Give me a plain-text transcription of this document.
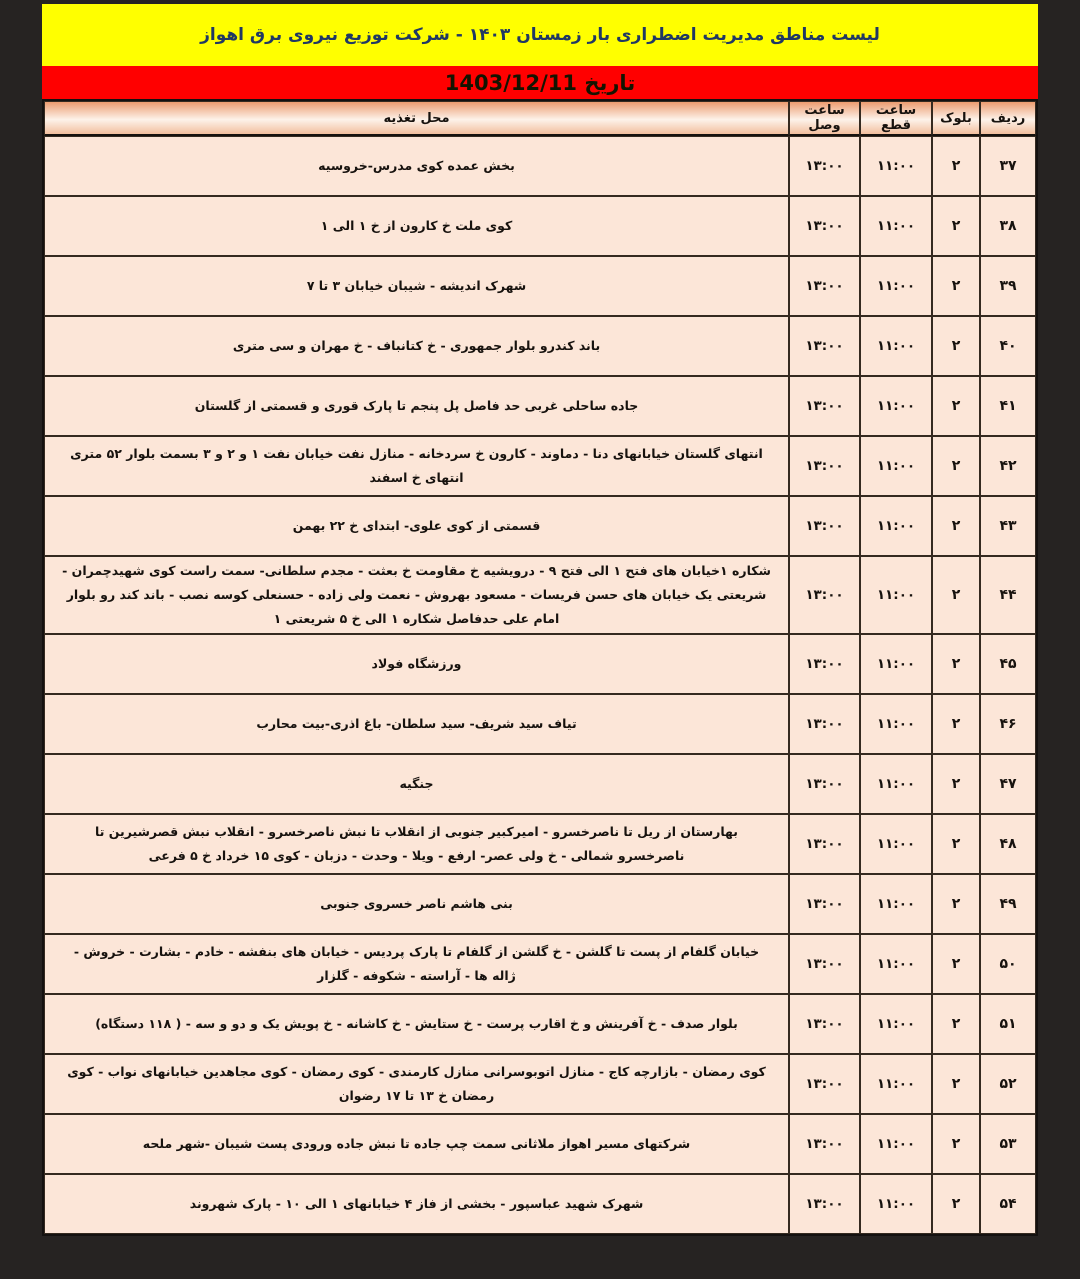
لیست مناطق مدیریت اضطراری بار زمستان ۱۴۰۳ - شرکت توزیع نیروی برق اهواز
تاریخ 1403/12/11
ردیف	بلوک	ساعت قطع	ساعت وصل	محل تغذیه
۳۷	۲	۱۱:۰۰	۱۳:۰۰	بخش عمده کوی مدرس-خروسیه
۳۸	۲	۱۱:۰۰	۱۳:۰۰	کوی ملت خ کارون از خ ۱ الی ۱
۳۹	۲	۱۱:۰۰	۱۳:۰۰	شهرک اندیشه - شیبان خیابان ۳ تا ۷
۴۰	۲	۱۱:۰۰	۱۳:۰۰	باند کندرو بلوار جمهوری - خ کتانباف - خ مهران و سی متری
۴۱	۲	۱۱:۰۰	۱۳:۰۰	جاده ساحلی غربی حد فاصل پل پنجم تا پارک قوری و قسمتی از گلستان
۴۲	۲	۱۱:۰۰	۱۳:۰۰	انتهای گلستان خیابانهای دنا - دماوند - کارون خ سردخانه - منازل نفت خیابان نفت ۱ و ۲ و ۳ بسمت بلوار ۵۲ متری انتهای خ اسفند
۴۳	۲	۱۱:۰۰	۱۳:۰۰	قسمتی از کوی علوی- ابتدای خ ۲۲ بهمن
۴۴	۲	۱۱:۰۰	۱۳:۰۰	شکاره ۱خیابان های فتح ۱ الی فتح ۹ - درویشیه خ مقاومت خ بعثت - مجدم سلطانی- سمت راست کوی شهیدچمران - شریعتی یک خیابان های حسن فریسات - مسعود بهروش - نعمت ولی زاده - حسنعلی کوسه نصب - باند کند رو بلوار امام علی حدفاصل شکاره ۱ الی خ ۵ شریعتی ۱
۴۵	۲	۱۱:۰۰	۱۳:۰۰	ورزشگاه فولاد
۴۶	۲	۱۱:۰۰	۱۳:۰۰	تیاف سید شریف- سید سلطان- باغ اذری-بیت محارب
۴۷	۲	۱۱:۰۰	۱۳:۰۰	جنگیه
۴۸	۲	۱۱:۰۰	۱۳:۰۰	بهارستان از ریل تا ناصرخسرو - امیرکبیر جنوبی از انقلاب تا نبش ناصرخسرو - انقلاب نبش قصرشیرین تا ناصرخسرو شمالی - خ ولی عصر- ارفع - ویلا - وحدت - دزبان - کوی ۱۵ خرداد خ ۵ فرعی
۴۹	۲	۱۱:۰۰	۱۳:۰۰	بنی هاشم ناصر خسروی جنوبی
۵۰	۲	۱۱:۰۰	۱۳:۰۰	خیابان گلفام از پست تا گلشن - خ گلشن از گلفام تا پارک پردیس - خیابان های بنفشه - خادم - بشارت - خروش - ژاله ها - آراسته - شکوفه - گلزار
۵۱	۲	۱۱:۰۰	۱۳:۰۰	بلوار صدف - خ آفرینش و خ اقارب پرست - خ ستایش - خ کاشانه - خ پویش یک و دو و سه - ( ۱۱۸ دستگاه)
۵۲	۲	۱۱:۰۰	۱۳:۰۰	کوی رمضان - بازارچه کاج - منازل اتوبوسرانی منازل کارمندی - کوی رمضان - کوی مجاهدین خیابانهای نواب - کوی رمضان خ ۱۳ تا ۱۷ رضوان
۵۳	۲	۱۱:۰۰	۱۳:۰۰	شرکتهای مسیر اهواز ملاثانی سمت چپ جاده تا نبش جاده ورودی پست شیبان -شهر ملحه
۵۴	۲	۱۱:۰۰	۱۳:۰۰	شهرک شهید عباسپور - بخشی از فاز ۴ خیابانهای ۱ الی ۱۰ - پارک شهروند
